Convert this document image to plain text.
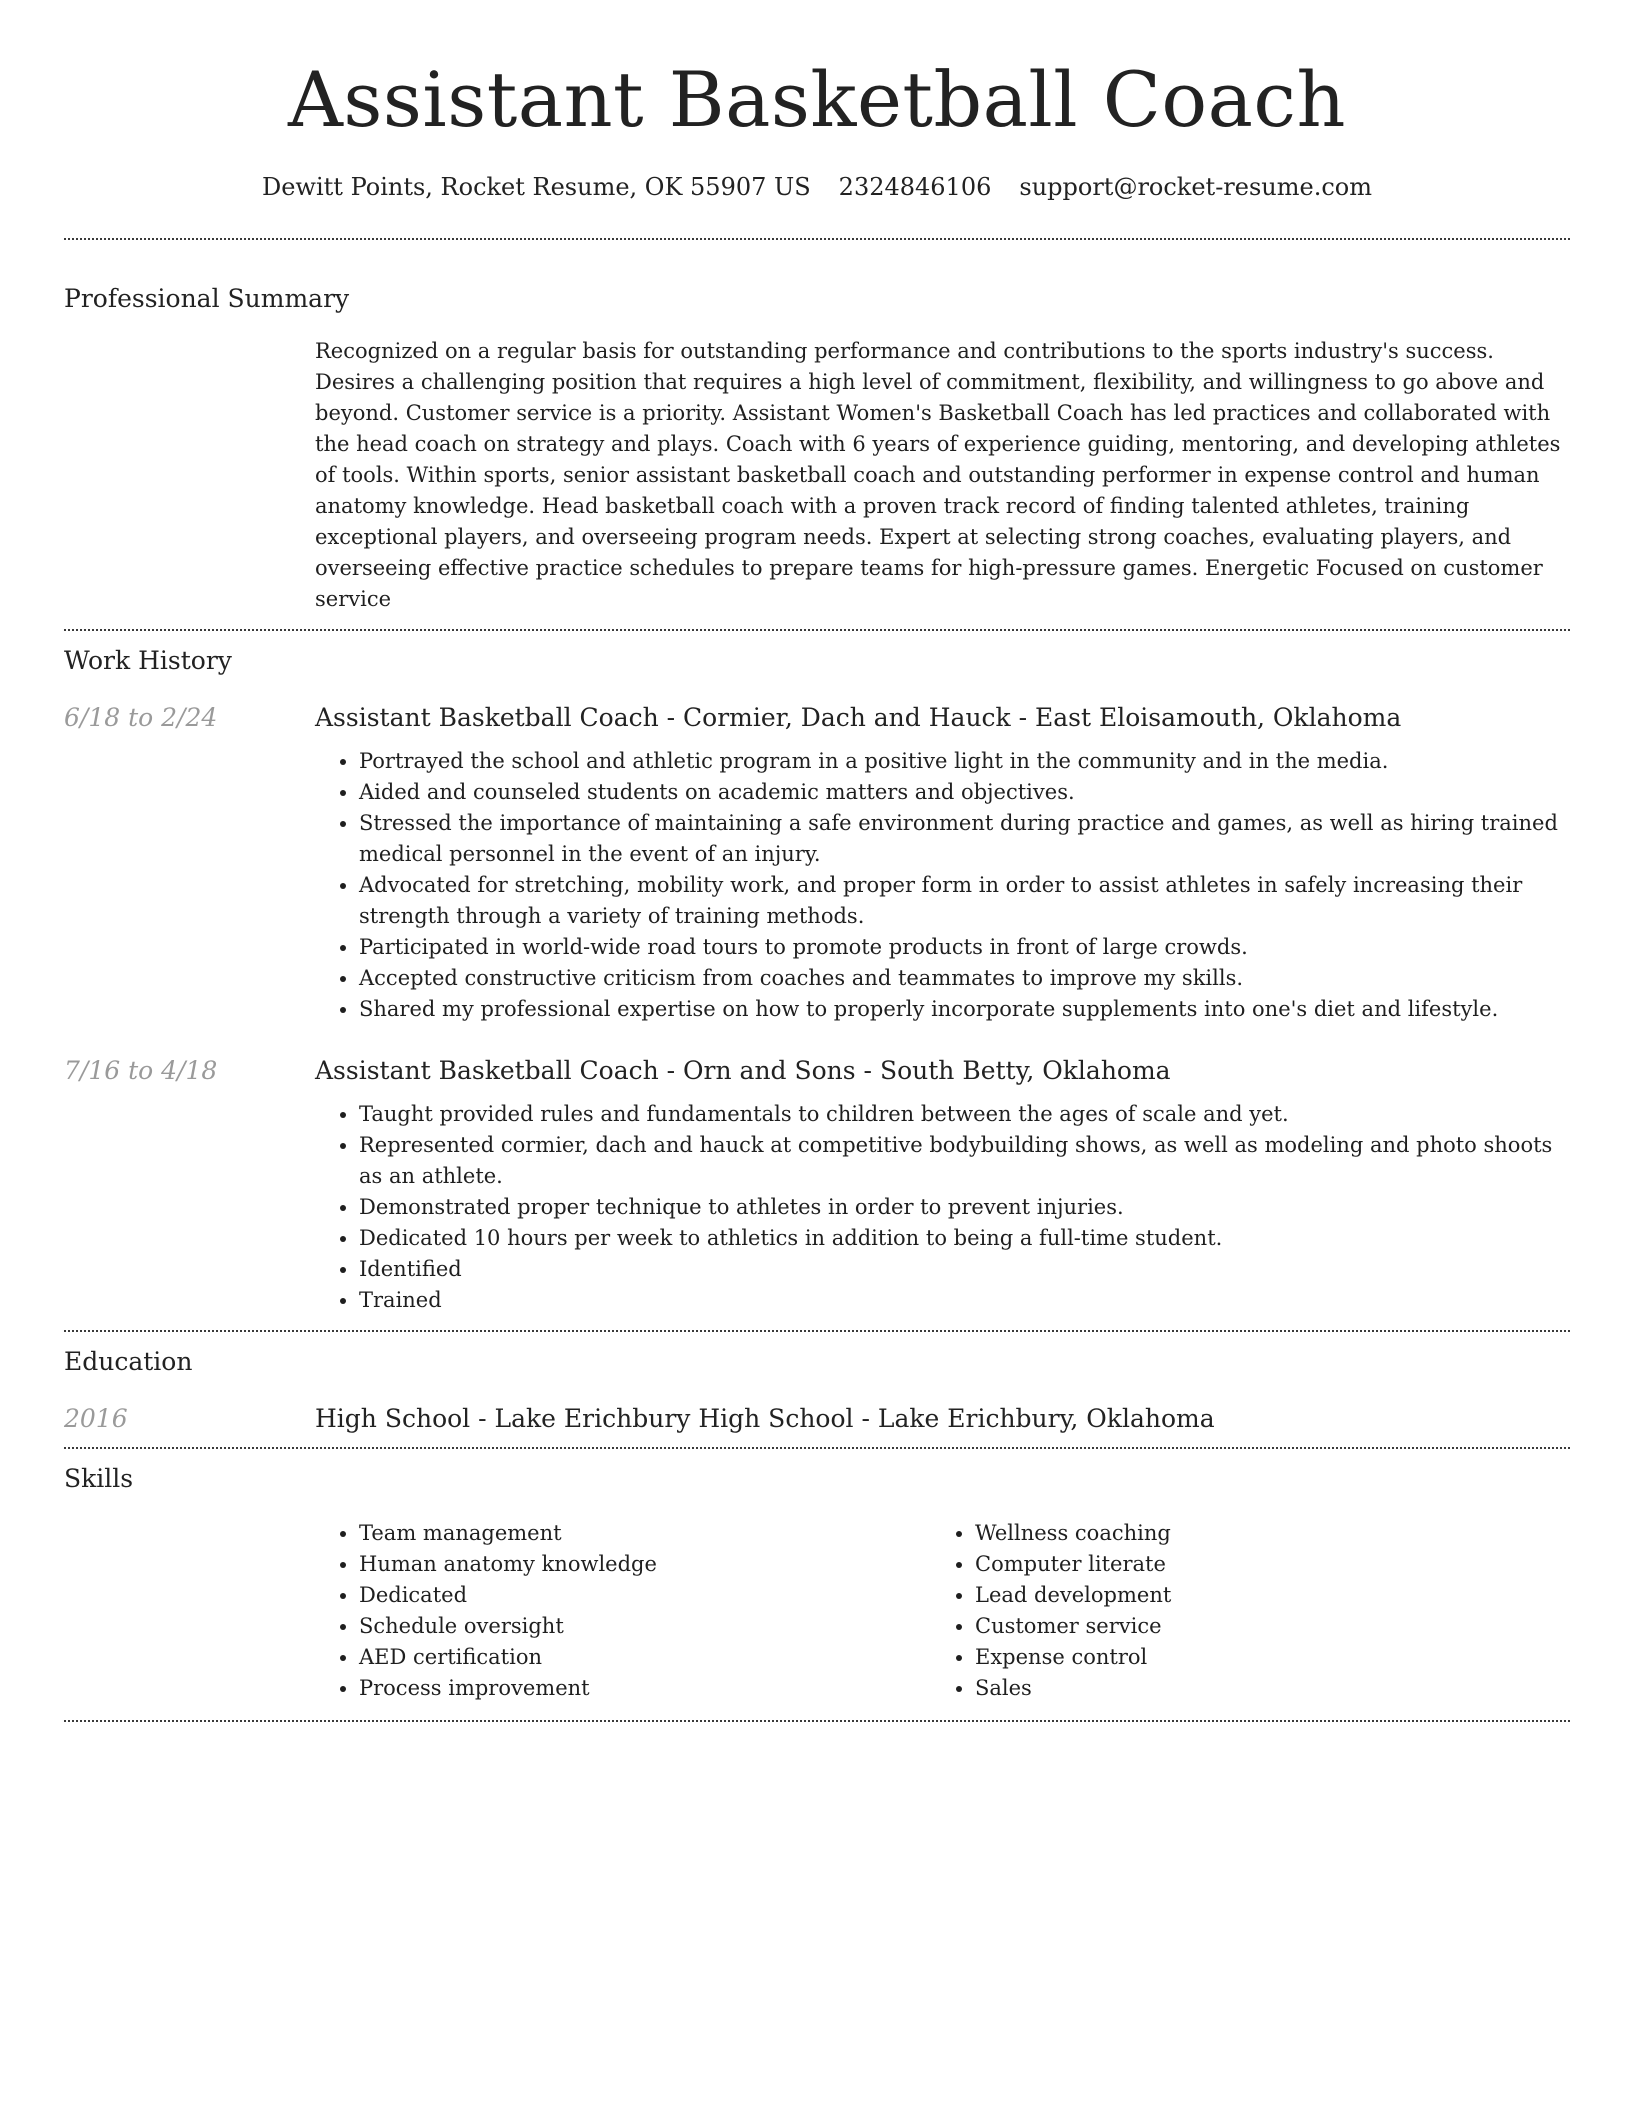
Assistant Basketball Coach
Dewitt Points, Rocket Resume, OK 55907 US 2324846106 support@rocket-resume.com
Professional Summary

Recognized on a regular basis for outstanding performance and contributions to the sports industry's success. Desires a challenging position that requires a high level of commitment, flexibility, and willingness to go above and beyond. Customer service is a priority. Assistant Women's Basketball Coach has led practices and collaborated with the head coach on strategy and plays. Coach with 6 years of experience guiding, mentoring, and developing athletes of tools. Within sports, senior assistant basketball coach and outstanding performer in expense control and human anatomy knowledge. Head basketball coach with a proven track record of finding talented athletes, training exceptional players, and overseeing program needs. Expert at selecting strong coaches, evaluating players, and overseeing effective practice schedules to prepare teams for high-pressure games. Energetic Focused on customer service

Work History
6/18 to 2/24	Assistant Basketball Coach - Cormier, Dach and Hauck - East Eloisamouth, Oklahoma
• Portrayed the school and athletic program in a positive light in the community and in the media.
• Aided and counseled students on academic matters and objectives.
• Stressed the importance of maintaining a safe environment during practice and games, as well as hiring trained medical personnel in the event of an injury.
• Advocated for stretching, mobility work, and proper form in order to assist athletes in safely increasing their strength through a variety of training methods.
• Participated in world-wide road tours to promote products in front of large crowds.
• Accepted constructive criticism from coaches and teammates to improve my skills.
• Shared my professional expertise on how to properly incorporate supplements into one's diet and lifestyle.
7/16 to 4/18	Assistant Basketball Coach - Orn and Sons - South Betty, Oklahoma
• Taught provided rules and fundamentals to children between the ages of scale and yet.
• Represented cormier, dach and hauck at competitive bodybuilding shows, as well as modeling and photo shoots as an athlete.
• Demonstrated proper technique to athletes in order to prevent injuries.
• Dedicated 10 hours per week to athletics in addition to being a full-time student.
• Identified
• Trained
Education
2016	High School - Lake Erichbury High School - Lake Erichbury, Oklahoma
Skills
• Team management
• Human anatomy knowledge
• Dedicated
• Schedule oversight
• AED certification
• Process improvement
• Wellness coaching
• Computer literate
• Lead development
• Customer service
• Expense control
• Sales
